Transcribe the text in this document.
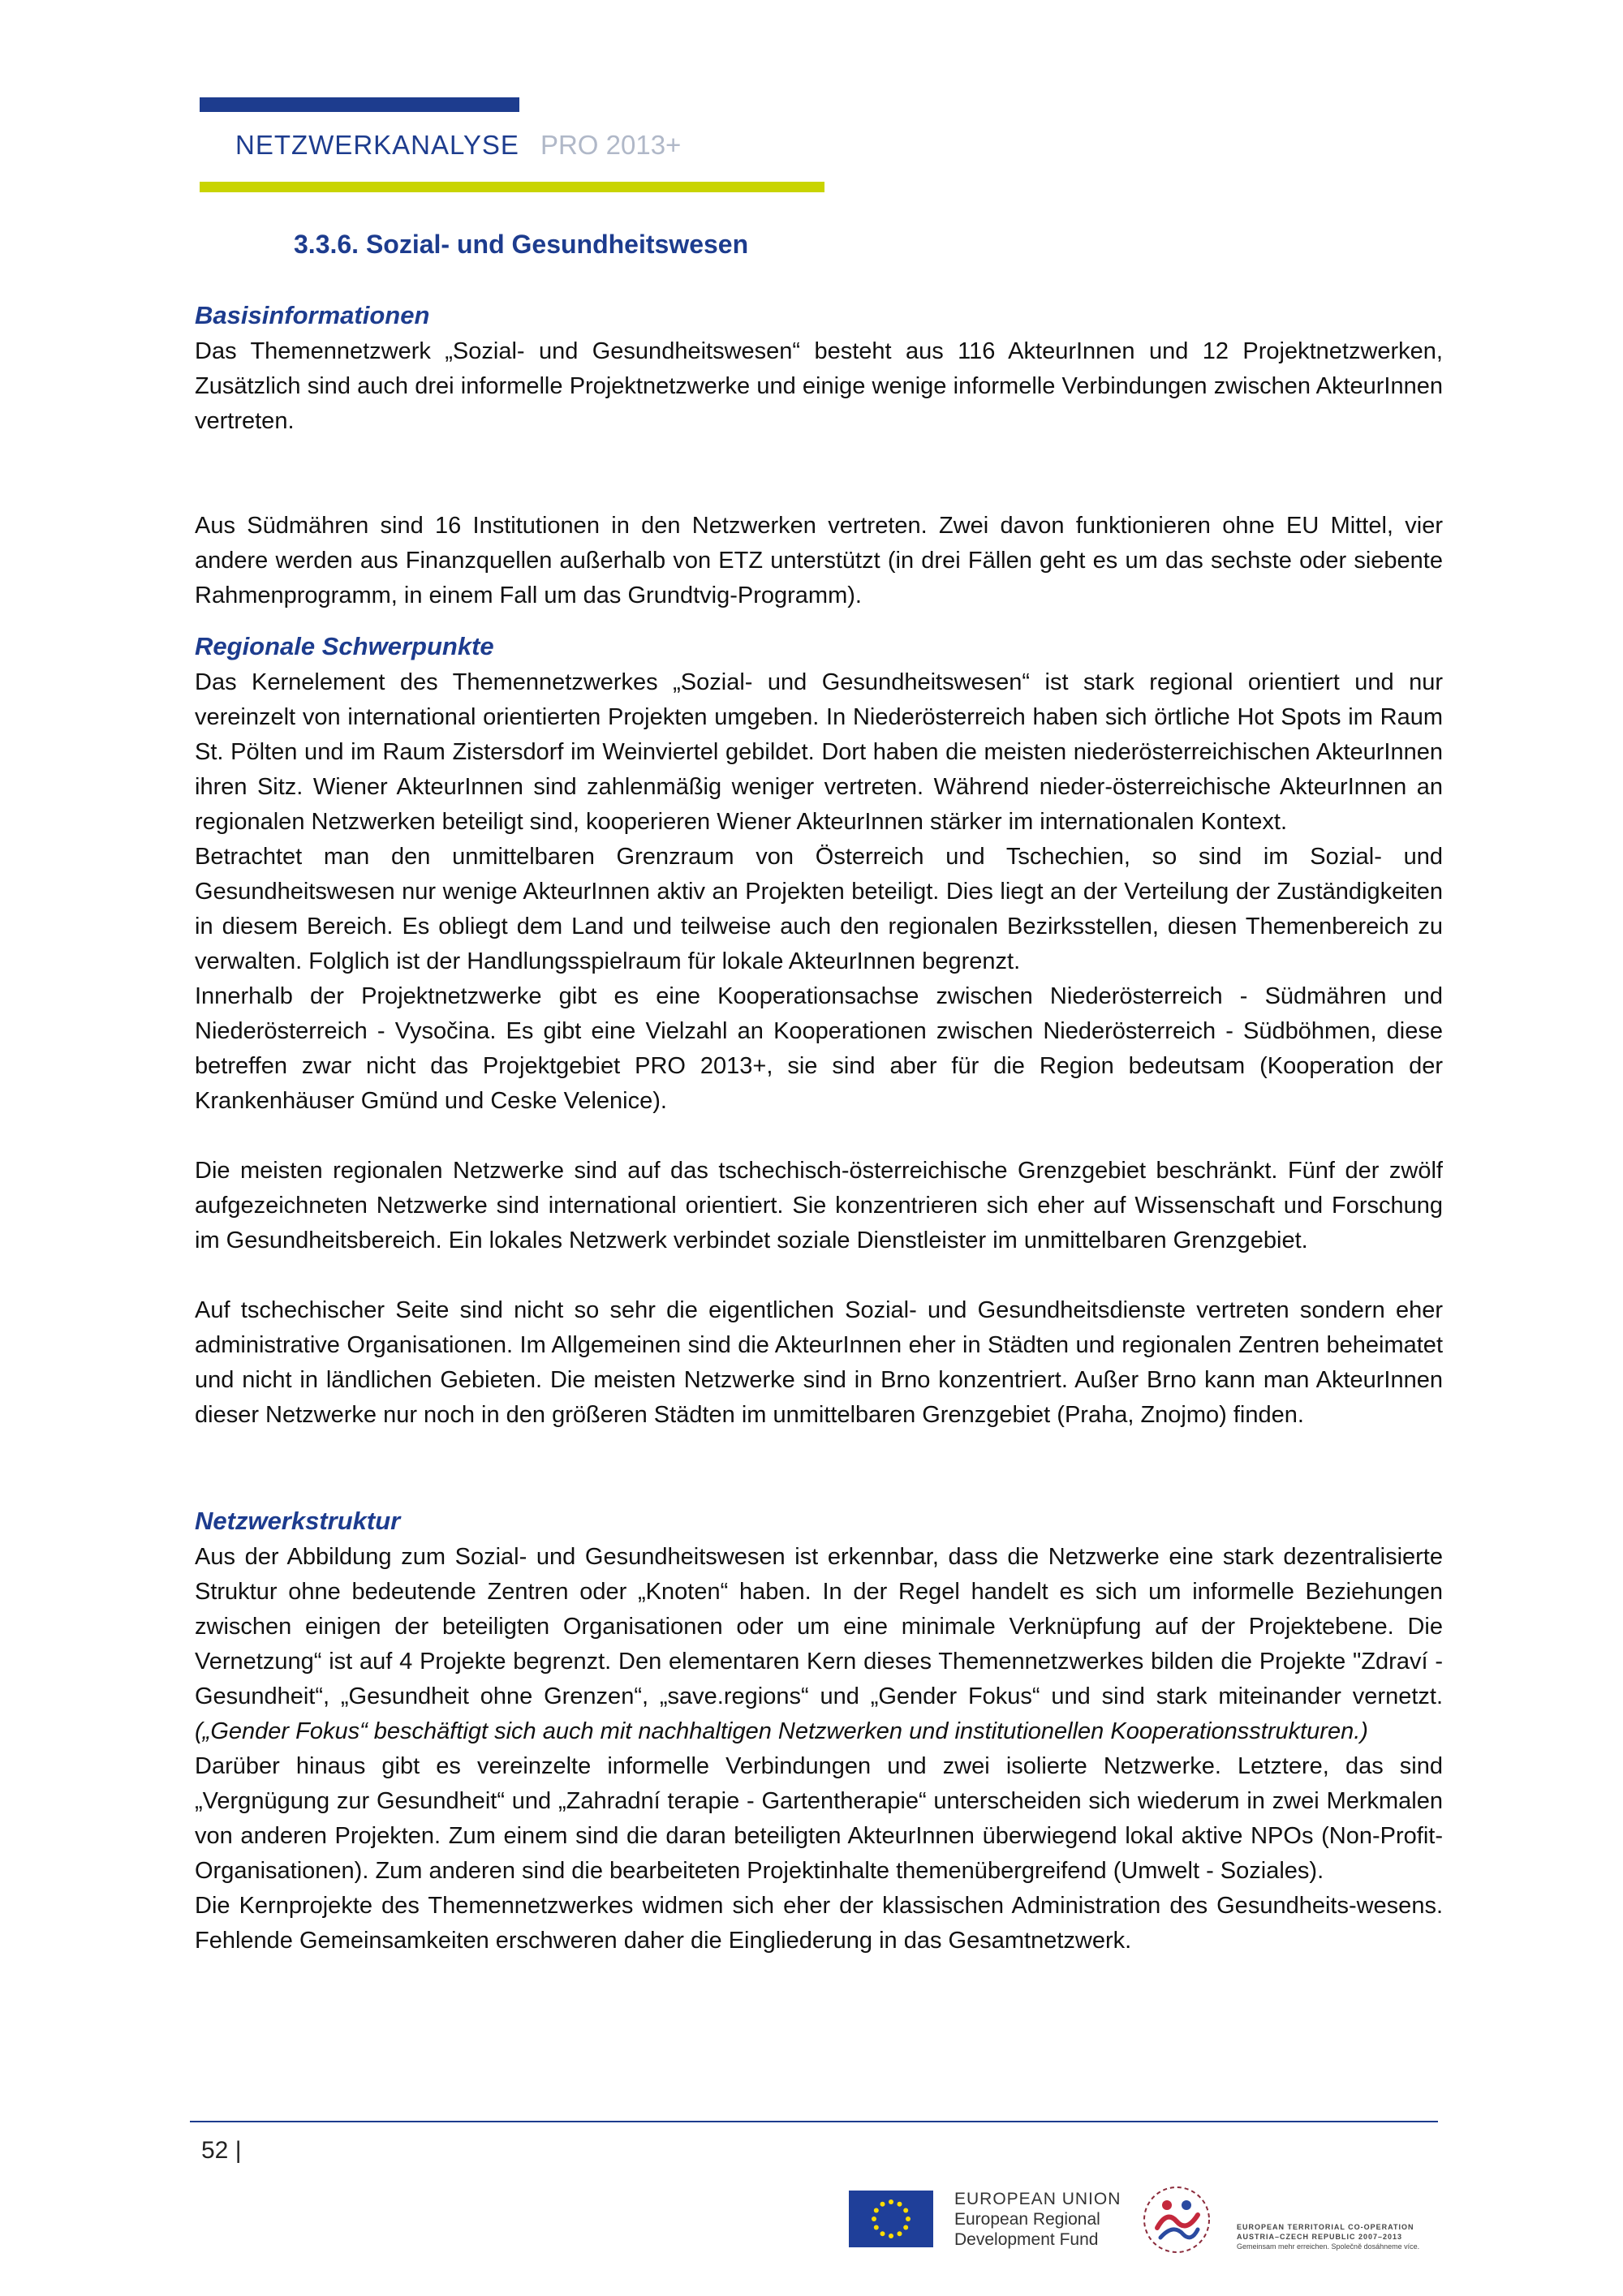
NETZWERKANALYSE PRO 2013+
3.3.6. Sozial- und Gesundheitswesen
Basisinformationen

Das Themennetzwerk „Sozial- und Gesundheitswesen“ besteht aus 116 AkteurInnen und 12 Projektnetzwerken, Zusätzlich sind auch drei informelle Projektnetzwerke und einige wenige informelle Verbindungen zwischen AkteurInnen vertreten.

Aus Südmähren sind 16 Institutionen in den Netzwerken vertreten. Zwei davon funktionieren ohne EU Mittel, vier andere werden aus Finanzquellen außerhalb von ETZ unterstützt (in drei Fällen geht es um das sechste oder siebente Rahmenprogramm, in einem Fall um das Grundtvig-Programm).

Regionale Schwerpunkte

Das Kernelement des Themennetzwerkes „Sozial- und Gesundheitswesen“ ist stark regional orientiert und nur vereinzelt von international orientierten Projekten umgeben. In Niederösterreich haben sich örtliche Hot Spots im Raum St. Pölten und im Raum Zistersdorf im Weinviertel gebildet. Dort haben die meisten niederösterreichischen AkteurInnen ihren Sitz. Wiener AkteurInnen sind zahlenmäßig weniger vertreten. Während nieder-österreichische AkteurInnen an regionalen Netzwerken beteiligt sind, kooperieren Wiener AkteurInnen stärker im internationalen Kontext.

Betrachtet man den unmittelbaren Grenzraum von Österreich und Tschechien, so sind im Sozial- und Gesundheitswesen nur wenige AkteurInnen aktiv an Projekten beteiligt. Dies liegt an der Verteilung der Zuständigkeiten in diesem Bereich. Es obliegt dem Land und teilweise auch den regionalen Bezirksstellen, diesen Themenbereich zu verwalten. Folglich ist der Handlungsspielraum für lokale AkteurInnen begrenzt.

Innerhalb der Projektnetzwerke gibt es eine Kooperationsachse zwischen Niederösterreich - Südmähren und Niederösterreich - Vysočina. Es gibt eine Vielzahl an Kooperationen zwischen Niederösterreich - Südböhmen, diese betreffen zwar nicht das Projektgebiet PRO 2013+, sie sind aber für die Region bedeutsam (Kooperation der Krankenhäuser Gmünd und Ceske Velenice).

Die meisten regionalen Netzwerke sind auf das tschechisch-österreichische Grenzgebiet beschränkt. Fünf der zwölf aufgezeichneten Netzwerke sind international orientiert. Sie konzentrieren sich eher auf Wissenschaft und Forschung im Gesundheitsbereich. Ein lokales Netzwerk verbindet soziale Dienstleister im unmittelbaren Grenzgebiet.

Auf tschechischer Seite sind nicht so sehr die eigentlichen Sozial- und Gesundheitsdienste vertreten sondern eher administrative Organisationen. Im Allgemeinen sind die AkteurInnen eher in Städten und regionalen Zentren beheimatet und nicht in ländlichen Gebieten. Die meisten Netzwerke sind in Brno konzentriert. Außer Brno kann man AkteurInnen dieser Netzwerke nur noch in den größeren Städten im unmittelbaren Grenzgebiet (Praha, Znojmo) finden.

Netzwerkstruktur

Aus der Abbildung zum Sozial- und Gesundheitswesen ist erkennbar, dass die Netzwerke eine stark dezentralisierte Struktur ohne bedeutende Zentren oder „Knoten“ haben. In der Regel handelt es sich um informelle Beziehungen zwischen einigen der beteiligten Organisationen oder um eine minimale Verknüpfung auf der Projektebene. Die Vernetzung“ ist auf 4 Projekte begrenzt. Den elementaren Kern dieses Themennetzwerkes bilden die Projekte "Zdraví - Gesundheit“, „Gesundheit ohne Grenzen“, „save.regions“ und „Gender Fokus“ und sind stark miteinander vernetzt. („Gender Fokus“ beschäftigt sich auch mit nachhaltigen Netzwerken und institutionellen Kooperationsstrukturen.)

Darüber hinaus gibt es vereinzelte informelle Verbindungen und zwei isolierte Netzwerke. Letztere, das sind „Vergnügung zur Gesundheit“ und „Zahradní terapie - Gartentherapie“ unterscheiden sich wiederum in zwei Merkmalen von anderen Projekten. Zum einem sind die daran beteiligten AkteurInnen überwiegend lokal aktive NPOs (Non-Profit-Organisationen). Zum anderen sind die bearbeiteten Projektinhalte themenübergreifend (Umwelt - Soziales).

Die Kernprojekte des Themennetzwerkes widmen sich eher der klassischen Administration des Gesundheits-wesens. Fehlende Gemeinsamkeiten erschweren daher die Eingliederung in das Gesamtnetzwerk.

52 |
EUROPEAN UNION
European Regional
Development Fund
EUROPEAN TERRITORIAL CO-OPERATION
AUSTRIA–CZECH REPUBLIC 2007–2013
Gemeinsam mehr erreichen. Společně dosáhneme více.
